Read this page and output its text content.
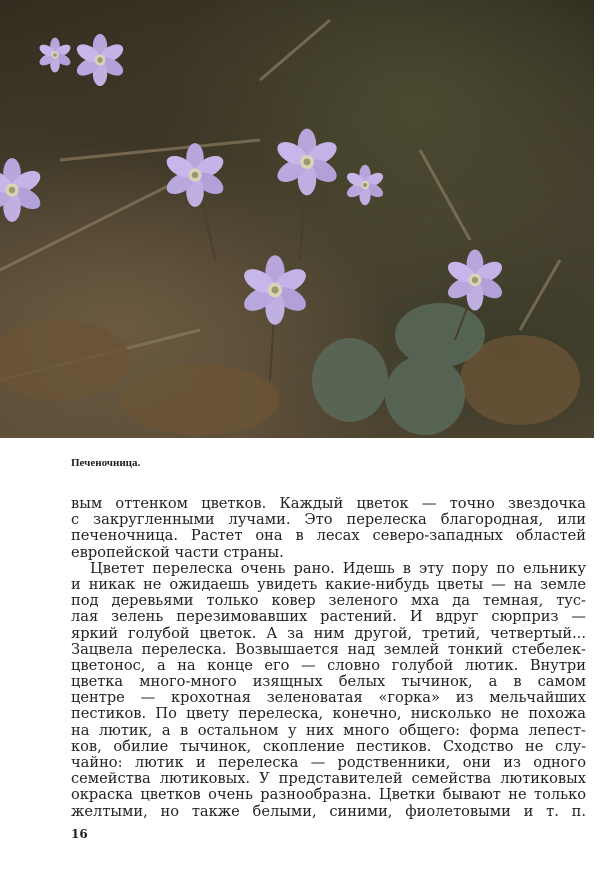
Печеночница.
вым оттенком цветков. Каждый цветок — точно звездочка
с закругленными лучами. Это перелеска благородная, или
печеночница. Растет она в лесах северо-западных областей
европейской части страны.
Цветет перелеска очень рано. Идешь в эту пору по ельнику
и никак не ожидаешь увидеть какие-нибудь цветы — на земле
под деревьями только ковер зеленого мха да темная, тус-
лая зелень перезимовавших растений. И вдруг сюрприз —
яркий голубой цветок. А за ним другой, третий, четвертый...
Зацвела перелеска. Возвышается над землей тонкий стебелек-
цветонос, а на конце его — словно голубой лютик. Внутри
цветка много-много изящных белых тычинок, а в самом
центре — крохотная зеленоватая «горка» из мельчайших
пестиков. По цвету перелеска, конечно, нисколько не похожа
на лютик, а в остальном у них много общего: форма лепест-
ков, обилие тычинок, скопление пестиков. Сходство не слу-
чайно: лютик и перелеска — родственники, они из одного
семейства лютиковых. У представителей семейства лютиковых
окраска цветков очень разнообразна. Цветки бывают не только
желтыми, но также белыми, синими, фиолетовыми и т. п.
16
